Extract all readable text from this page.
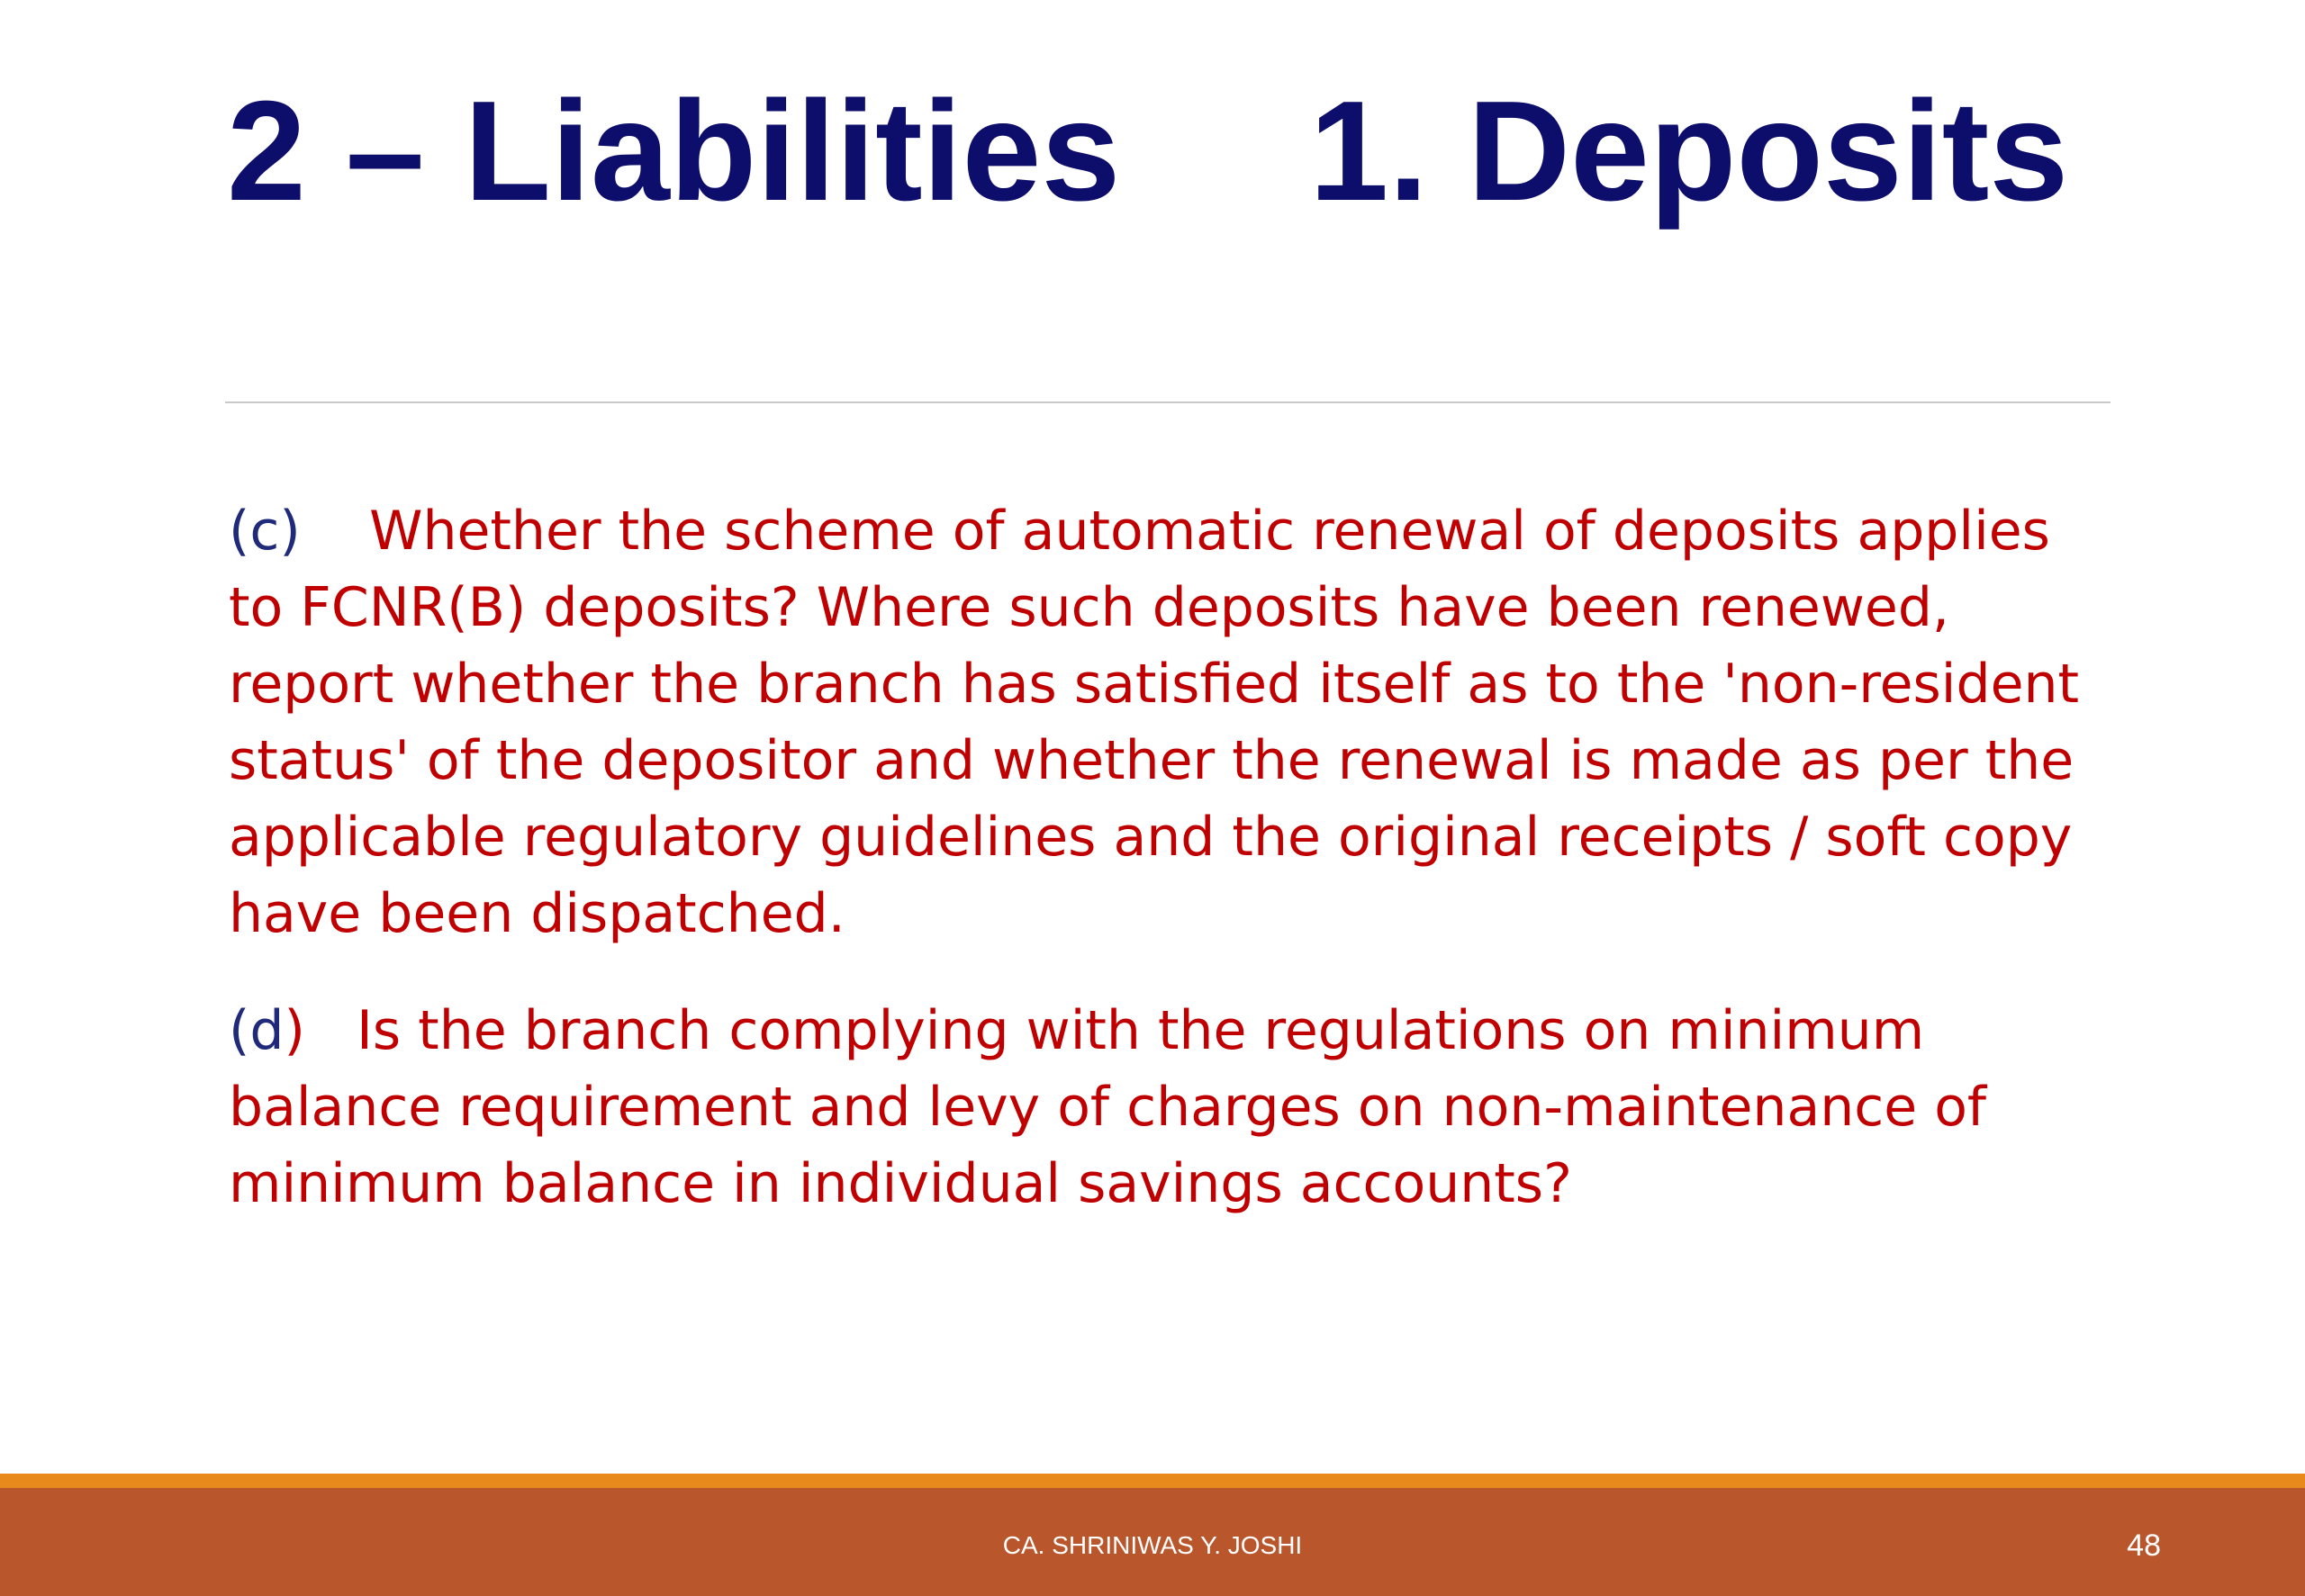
2 – Liabilities 1. Deposits

(c) Whether the scheme of automatic renewal of deposits applies to FCNR(B) deposits? Where such deposits have been renewed, report whether the branch has satisfied itself as to the 'non-resident status' of the depositor and whether the renewal is made as per the applicable regulatory guidelines and the original receipts / soft copy have been dispatched.

(d) Is the branch complying with the regulations on minimum balance requirement and levy of charges on non-maintenance of minimum balance in individual savings accounts?

CA. SHRINIWAS Y. JOSHI	48
